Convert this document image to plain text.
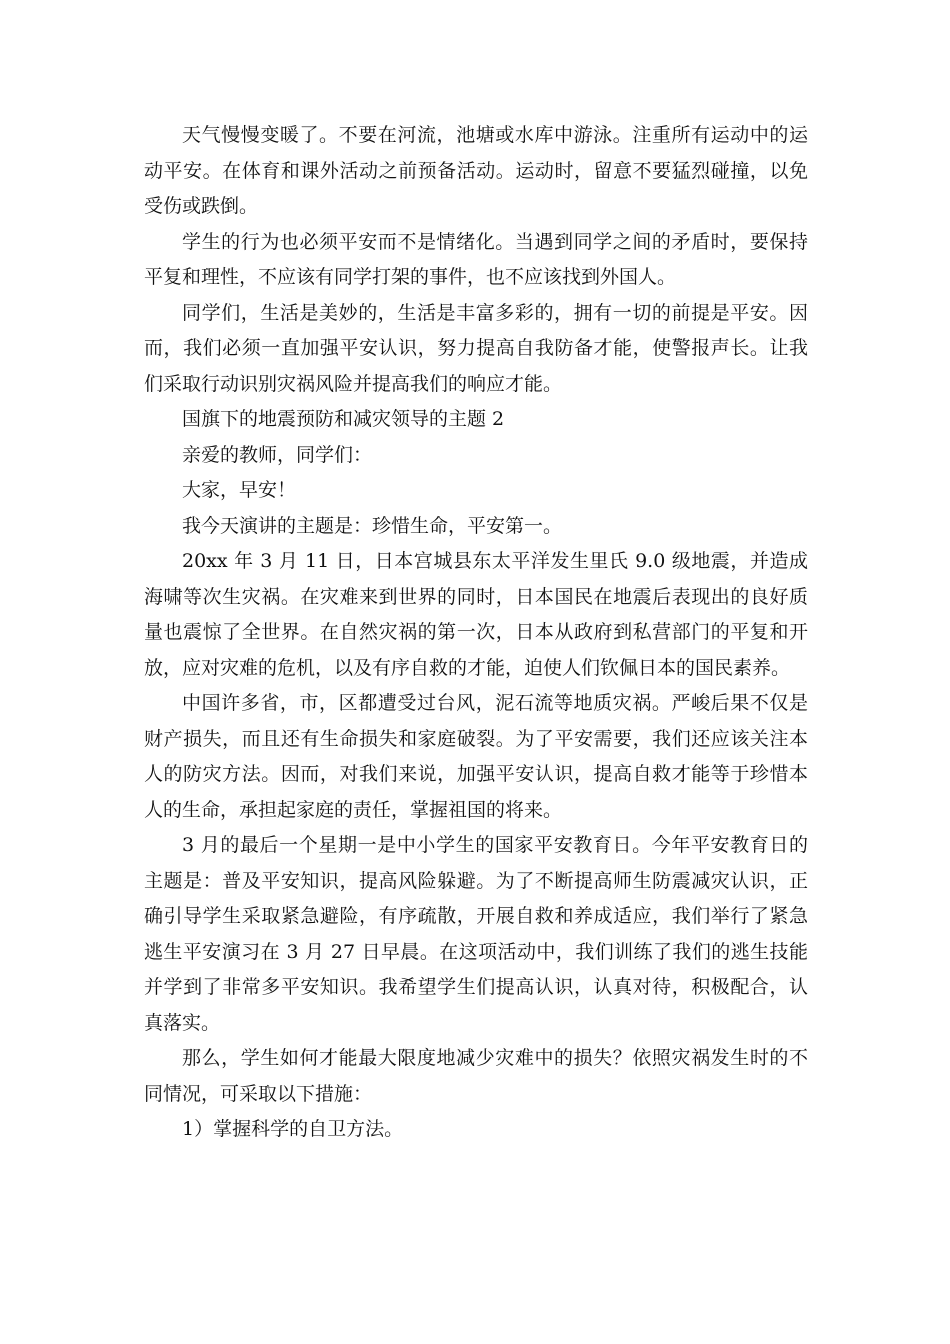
天气慢慢变暖了。不要在河流，池塘或水库中游泳。注重所有运动中的运动平安。在体育和课外活动之前预备活动。运动时，留意不要猛烈碰撞，以免受伤或跌倒。

学生的行为也必须平安而不是情绪化。当遇到同学之间的矛盾时，要保持平复和理性，不应该有同学打架的事件，也不应该找到外国人。

同学们，生活是美妙的，生活是丰富多彩的，拥有一切的前提是平安。因而，我们必须一直加强平安认识，努力提高自我防备才能，使警报声长。让我们采取行动识别灾祸风险并提高我们的响应才能。

国旗下的地震预防和减灾领导的主题 2

亲爱的教师，同学们：

大家，早安！

我今天演讲的主题是：珍惜生命，平安第一。

20xx 年 3 月 11 日，日本宫城县东太平洋发生里氏 9.0 级地震，并造成海啸等次生灾祸。在灾难来到世界的同时，日本国民在地震后表现出的良好质量也震惊了全世界。在自然灾祸的第一次，日本从政府到私营部门的平复和开放，应对灾难的危机，以及有序自救的才能，迫使人们钦佩日本的国民素养。

中国许多省，市，区都遭受过台风，泥石流等地质灾祸。严峻后果不仅是财产损失，而且还有生命损失和家庭破裂。为了平安需要，我们还应该关注本人的防灾方法。因而，对我们来说，加强平安认识，提高自救才能等于珍惜本人的生命，承担起家庭的责任，掌握祖国的将来。

3 月的最后一个星期一是中小学生的国家平安教育日。今年平安教育日的主题是：普及平安知识，提高风险躲避。为了不断提高师生防震减灾认识，正确引导学生采取紧急避险，有序疏散，开展自救和养成适应，我们举行了紧急逃生平安演习在 3 月 27 日早晨。在这项活动中，我们训练了我们的逃生技能并学到了非常多平安知识。我希望学生们提高认识，认真对待，积极配合，认真落实。

那么，学生如何才能最大限度地减少灾难中的损失？依照灾祸发生时的不同情况，可采取以下措施：

1）掌握科学的自卫方法。
